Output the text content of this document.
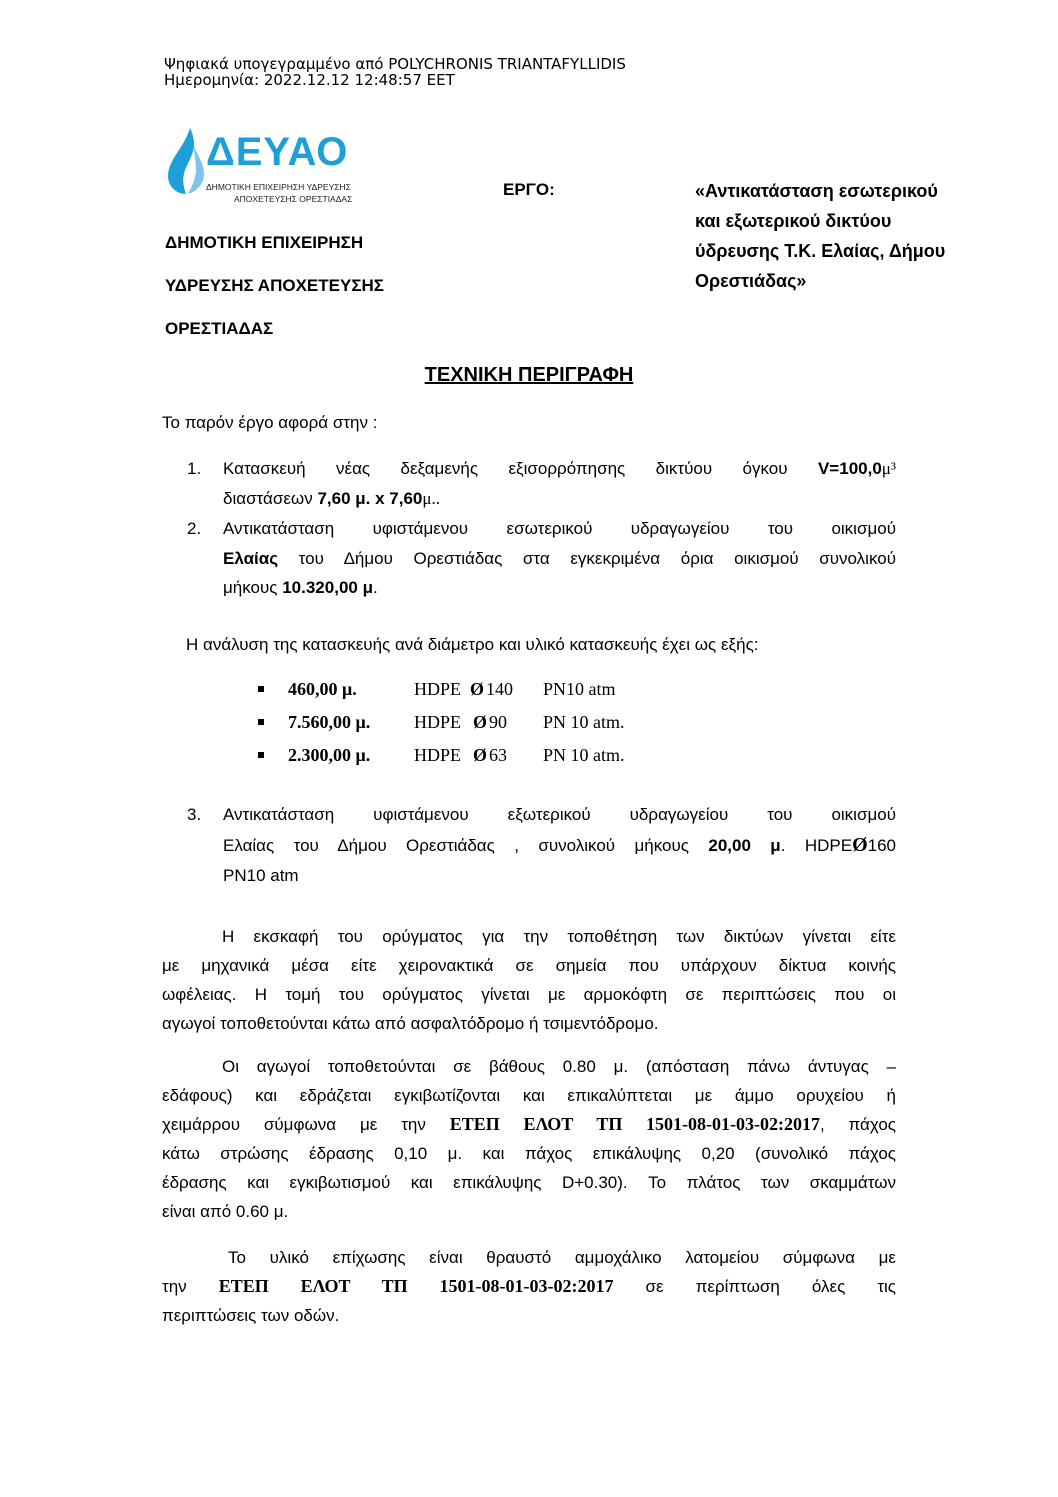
Ψηφιακά υπογεγραμμένο από POLYCHRONIS TRIANTAFYLLIDIS
Ημερομηνία: 2022.12.12 12:48:57 EET
ΔΕΥΑΟ
ΔΗΜΟΤΙΚΗ ΕΠΙΧΕΙΡΗΣΗ ΥΔΡΕΥΣΗΣ
ΑΠΟΧΕΤΕΥΣΗΣ ΟΡΕΣΤΙΑΔΑΣ
ΔΗΜΟΤΙΚΗ ΕΠΙΧΕΙΡΗΣΗ
ΥΔΡΕΥΣΗΣ ΑΠΟΧΕΤΕΥΣΗΣ
ΟΡΕΣΤΙΑΔΑΣ
ΕΡΓΟ:	«Αντικατάσταση εσωτερικού
και εξωτερικού δικτύου
ύδρευσης Τ.Κ. Ελαίας, Δήμου
Ορεστιάδας»
ΤΕΧΝΙΚΗ ΠΕΡΙΓΡΑΦΗ
Το παρόν έργο αφορά στην :
1. Κατασκευή νέας δεξαμενής εξισορρόπησης δικτύου όγκου V=100,0μ³
διαστάσεων 7,60 μ. x 7,60μ..
2. Αντικατάσταση υφιστάμενου εσωτερικού υδραγωγείου του οικισμού
Ελαίας του Δήμου Ορεστιάδας στα εγκεκριμένα όρια οικισμού συνολικού
μήκους 10.320,00 μ.
Η ανάλυση της κατασκευής ανά διάμετρο και υλικό κατασκευής έχει ως εξής:
460,00 μ.	HDPE Ø 140 PN10 atm
7.560,00 μ. HDPE Ø 90 PN 10 atm.
2.300,00 μ. HDPE Ø 63 PN 10 atm.
3. Αντικατάσταση υφιστάμενου εξωτερικού υδραγωγείου του οικισμού
Ελαίας του Δήμου Ορεστιάδας , συνολικού μήκους 20,00 μ. HDPEØ160
PN10 atm
Η εκσκαφή του ορύγματος για την τοποθέτηση των δικτύων γίνεται είτε
με μηχανικά μέσα είτε χειρονακτικά σε σημεία που υπάρχουν δίκτυα κοινής
ωφέλειας. Η τομή του ορύγματος γίνεται με αρμοκόφτη σε περιπτώσεις που οι
αγωγοί τοποθετούνται κάτω από ασφαλτόδρομο ή τσιμεντόδρομο.
Οι αγωγοί τοποθετούνται σε βάθους 0.80 μ. (απόσταση πάνω άντυγας –
εδάφους) και εδράζεται εγκιβωτίζονται και επικαλύπτεται με άμμο ορυχείου ή
χειμάρρου σύμφωνα με την ΕΤΕΠ ΕΛΟΤ ΤΠ 1501-08-01-03-02:2017, πάχος
κάτω στρώσης έδρασης 0,10 μ. και πάχος επικάλυψης 0,20 (συνολικό πάχος
έδρασης και εγκιβωτισμού και επικάλυψης D+0.30). Το πλάτος των σκαμμάτων
είναι από 0.60 μ.
Το υλικό επίχωσης είναι θραυστό αμμοχάλικο λατομείου σύμφωνα με
την ΕΤΕΠ ΕΛΟΤ ΤΠ 1501-08-01-03-02:2017 σε περίπτωση όλες τις
περιπτώσεις των οδών.
